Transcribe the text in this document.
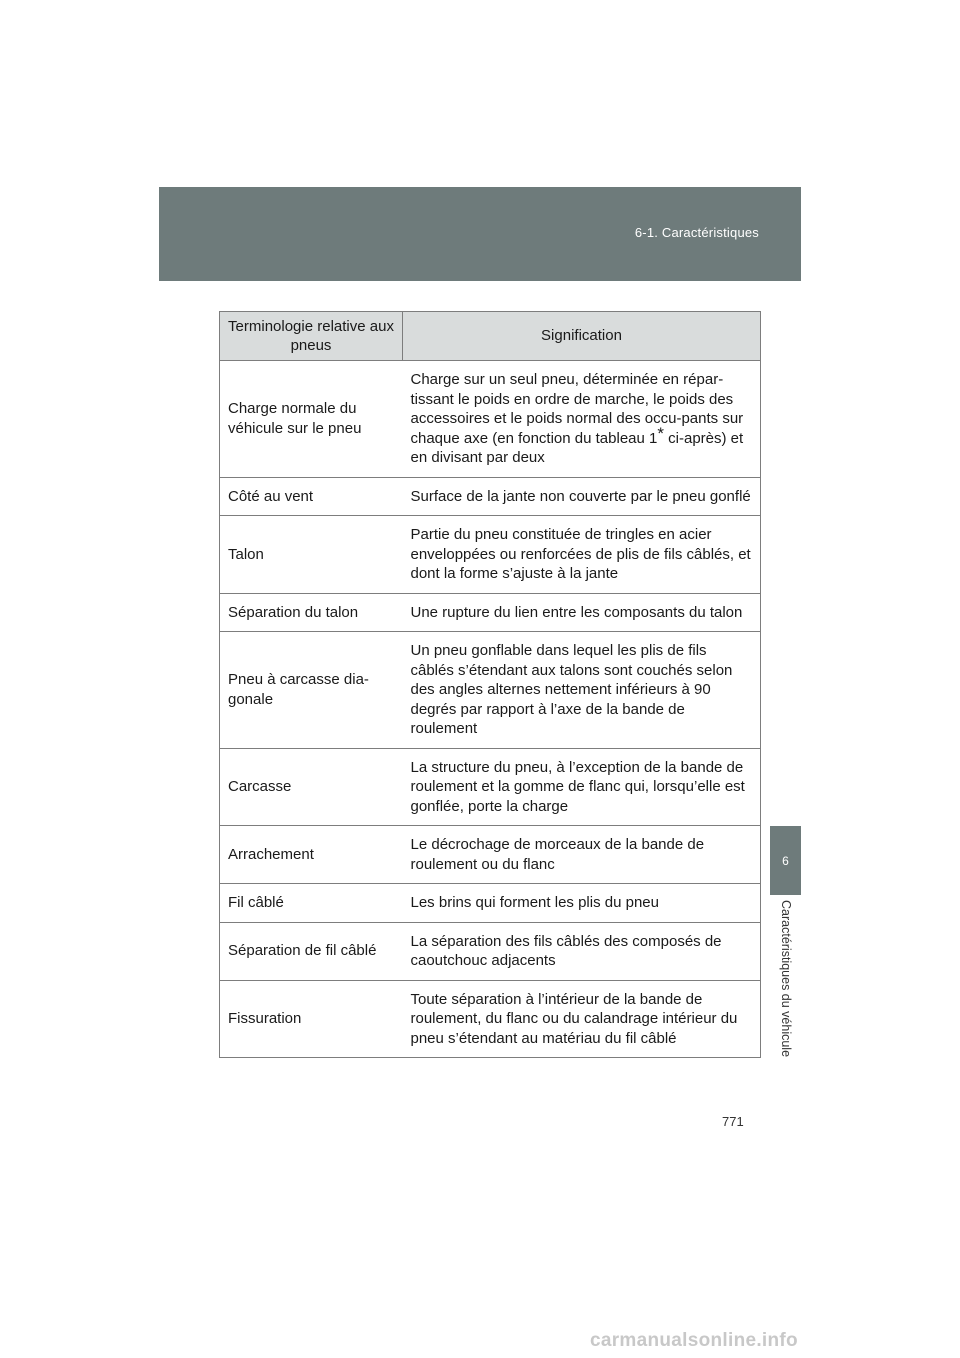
6-1. Caractéristiques
6
Caractéristiques du véhicule
Terminologie relative aux pneus	Signification
Charge normale du véhicule sur le pneu	Charge sur un seul pneu, déterminée en répar-tissant le poids en ordre de marche, le poids des accessoires et le poids normal des occu-pants sur chaque axe (en fonction du tableau 1* ci-après) et en divisant par deux
Côté au vent	Surface de la jante non couverte par le pneu gonflé
Talon	Partie du pneu constituée de tringles en acier enveloppées ou renforcées de plis de fils câblés, et dont la forme s’ajuste à la jante
Séparation du talon	Une rupture du lien entre les composants du talon
Pneu à carcasse dia-gonale	Un pneu gonflable dans lequel les plis de fils câblés s’étendant aux talons sont couchés selon des angles alternes nettement inférieurs à 90 degrés par rapport à l’axe de la bande de roulement
Carcasse	La structure du pneu, à l’exception de la bande de roulement et la gomme de flanc qui, lorsqu’elle est gonflée, porte la charge
Arrachement	Le décrochage de morceaux de la bande de roulement ou du flanc
Fil câblé	Les brins qui forment les plis du pneu
Séparation de fil câblé	La séparation des fils câblés des composés de caoutchouc adjacents
Fissuration	Toute séparation à l’intérieur de la bande de roulement, du flanc ou du calandrage intérieur du pneu s’étendant au matériau du fil câblé
771
carmanualsonline.info
